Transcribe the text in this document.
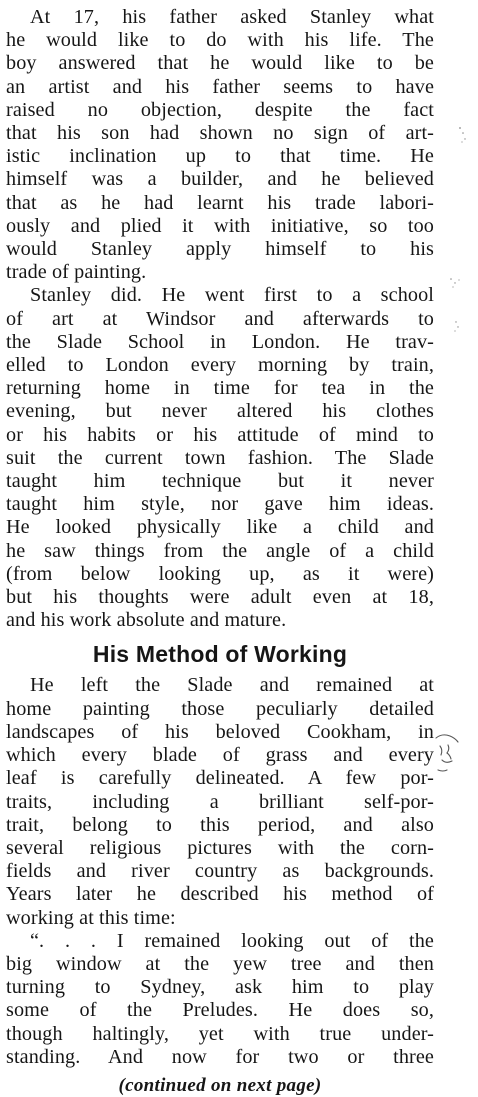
At 17, his father asked Stanley what

he would like to do with his life. The

boy answered that he would like to be

an artist and his father seems to have

raised no objection, despite the fact

that his son had shown no sign of art-

istic inclination up to that time. He

himself was a builder, and he believed

that as he had learnt his trade labori-

ously and plied it with initiative, so too

would Stanley apply himself to his

trade of painting.

Stanley did. He went first to a school

of art at Windsor and afterwards to

the Slade School in London. He trav-

elled to London every morning by train,

returning home in time for tea in the

evening, but never altered his clothes

or his habits or his attitude of mind to

suit the current town fashion. The Slade

taught him technique but it never

taught him style, nor gave him ideas.

He looked physically like a child and

he saw things from the angle of a child

(from below looking up, as it were)

but his thoughts were adult even at 18,

and his work absolute and mature.

His Method of Working

He left the Slade and remained at

home painting those peculiarly detailed

landscapes of his beloved Cookham, in

which every blade of grass and every

leaf is carefully delineated. A few por-

traits, including a brilliant self-por-

trait, belong to this period, and also

several religious pictures with the corn-

fields and river country as backgrounds.

Years later he described his method of

working at this time:

“. . . I remained looking out of the

big window at the yew tree and then

turning to Sydney, ask him to play

some of the Preludes. He does so,

though haltingly, yet with true under-

standing. And now for two or three

(continued on next page)
